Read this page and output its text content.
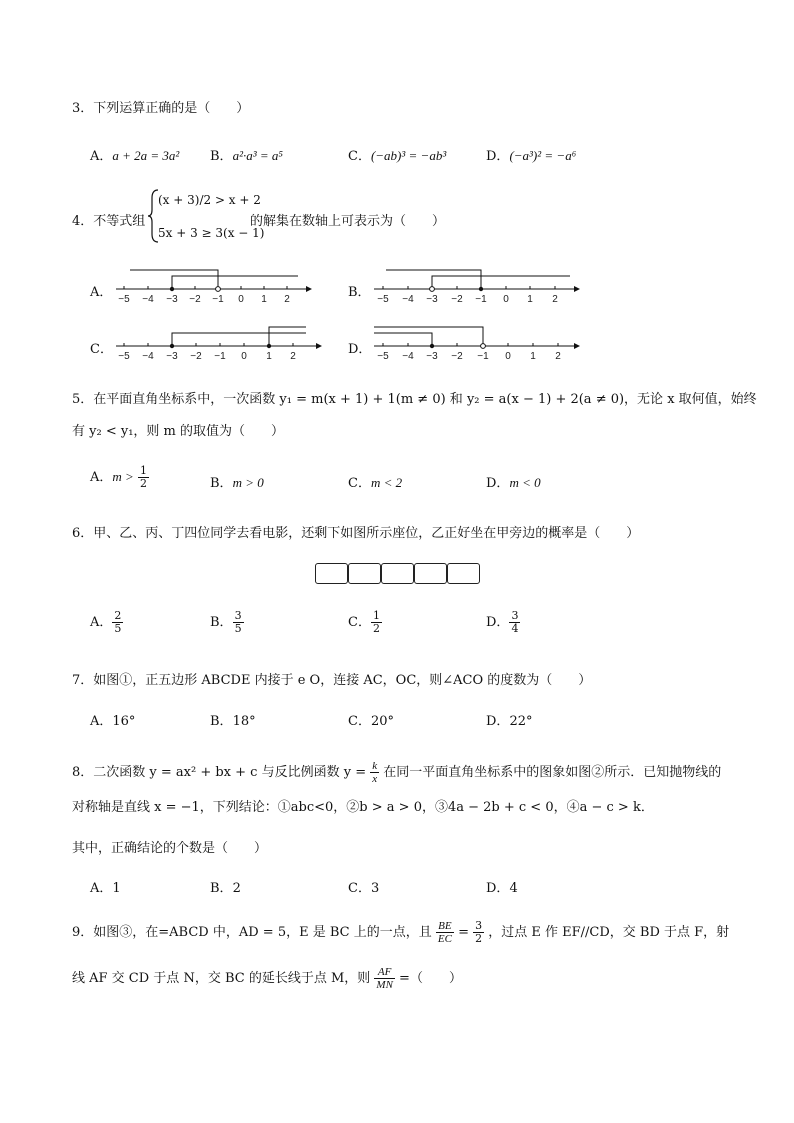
3．下列运算正确的是（　　）
A．a + 2a = 3a² B．a²·a³ = a⁵	C．(−ab)³ = −ab³	D．(−a³)² = −a⁶
4．不等式组
(x + 3)/2 > x + 2
5x + 3 ≥ 3(x − 1)
的解集在数轴上可表示为（　　）
A．	B．
C．	D．
−5 −4 −3 −2 −1 0 1 2	−5 −4 −3 −2 −1 0 1 2
−5 −4 −3 −2 −1 0 1 2	−5 −4 −3 −2 −1 0 1 2
5．在平面直角坐标系中，一次函数 y₁ = m(x + 1) + 1(m ≠ 0) 和 y₂ = a(x − 1) + 2(a ≠ 0)，无论 x 取何值，始终
有 y₂ < y₁，则 m 的取值为（　　）
A．$m > \frac{1}{2}$	B．m > 0	C．m < 2	D．m < 0
6．甲、乙、丙、丁四位同学去看电影，还剩下如图所示座位，乙正好坐在甲旁边的概率是（　　）
A． $\frac{2}{5}$	B． $\frac{3}{5}$	C． $\frac{1}{2}$	D． $\frac{3}{4}$
7．如图①，正五边形 ABCDE 内接于 e O，连接 AC，OC，则∠ACO 的度数为（　　）
A．16°	B．18°	C．20°	D．22°
8．二次函数 y = ax² + bx + c 与反比例函数 $y = \frac{k}{x}$ 在同一平面直角坐标系中的图象如图②所示．已知抛物线的
对称轴是直线 x = −1，下列结论：①abc<0，②b > a > 0，③4a − 2b + c < 0，④a − c > k．
其中，正确结论的个数是（　　）
A．1	B．2	C．3	D．4
9．如图③，在=ABCD 中，AD = 5，E 是 BC 上的一点，且 $\frac{BE}{EC} = \frac{3}{2}$ ，过点 E 作 EF//CD，交 BD 于点 F，射
线 AF 交 CD 于点 N，交 BC 的延长线于点 M，则 $\frac{AF}{MN}$ =（　　）
